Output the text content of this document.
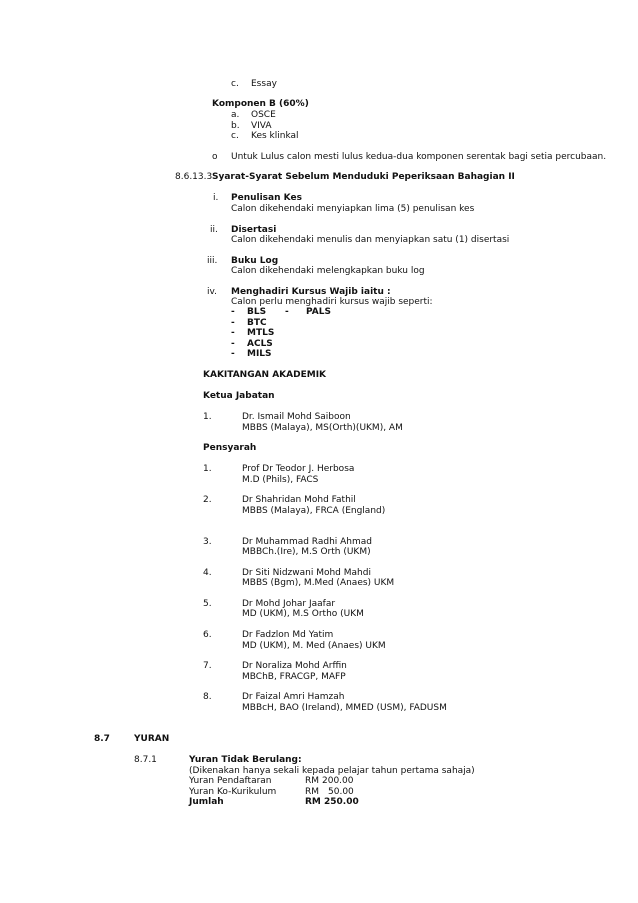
c. Essay
Komponen B (60%)
a. OSCE
b. VIVA
c. Kes klinkal
o Untuk Lulus calon mesti lulus kedua-dua komponen serentak bagi setia percubaan.
8.6.13.3 Syarat-Syarat Sebelum Menduduki Peperiksaan Bahagian II
i. Penulisan Kes
Calon dikehendaki menyiapkan lima (5) penulisan kes
ii. Disertasi
Calon dikehendaki menulis dan menyiapkan satu (1) disertasi
iii. Buku Log
Calon dikehendaki melengkapkan buku log
iv. Menghadiri Kursus Wajib iaitu :
Calon perlu menghadiri kursus wajib seperti:
- BLS - PALS
- BTC
- MTLS
- ACLS
- MILS
KAKITANGAN AKADEMIK
Ketua Jabatan
1.	Dr. Ismail Mohd Saiboon
MBBS (Malaya), MS(Orth)(UKM), AM
Pensyarah
1.	Prof Dr Teodor J. Herbosa
M.D (Phils), FACS
2.	Dr Shahridan Mohd Fathil
MBBS (Malaya), FRCA (England)
3.	Dr Muhammad Radhi Ahmad
MBBCh.(Ire), M.S Orth (UKM)
4.	Dr Siti Nidzwani Mohd Mahdi
MBBS (Bgm), M.Med (Anaes) UKM
5.	Dr Mohd Johar Jaafar
MD (UKM), M.S Ortho (UKM
6.	Dr Fadzlon Md Yatim
MD (UKM), M. Med (Anaes) UKM
7.	Dr Noraliza Mohd Arffin
MBChB, FRACGP, MAFP
8.	Dr Faizal Amri Hamzah
MBBcH, BAO (Ireland), MMED (USM), FADUSM
8.7	YURAN
8.7.1	Yuran Tidak Berulang:
(Dikenakan hanya sekali kepada pelajar tahun pertama sahaja)
Yuran Pendaftaran	RM 200.00
Yuran Ko-Kurikulum	RM 50.00
Jumlah	RM 250.00
